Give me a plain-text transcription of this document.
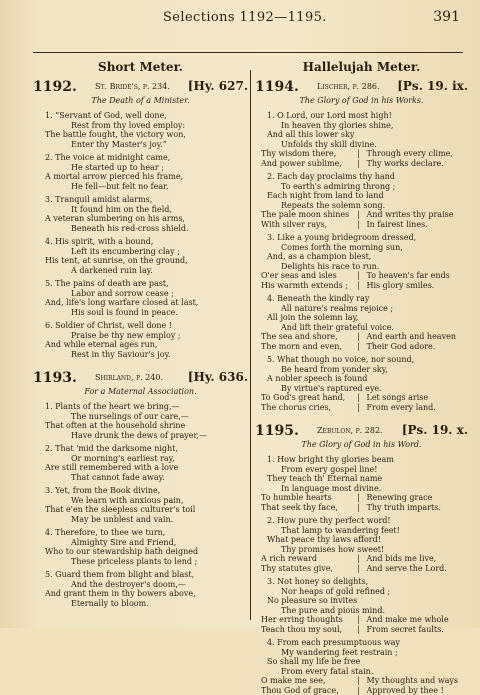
Selections 1192—1195.	391
Short Meter.
1192. St. Bride's, p. 234. [Hy. 627.
The Death of a Minister.
1. “Servant of God, well done,
Rest from thy loved employ:
The battle fought, the victory won,
Enter thy Master's joy.”
2. The voice at midnight came,
He started up to hear ;
A mortal arrow pierced his frame,
He fell—but felt no fear.
3. Tranquil amidst alarms,
It found him on the field,
A veteran slumbering on his arms,
Beneath his red-cross shield.
4. His spirit, with a bound,
Left its encumbering clay ;
His tent, at sunrise, on the ground,
A darkened ruin lay.
5. The pains of death are past,
Labor and sorrow cease ;
And, life's long warfare closed at last,
His soul is found in peace.
6. Soldier of Christ, well done !
Praise be thy new employ ;
And while eternal ages run,
Rest in thy Saviour's joy.
1193. Shirland, p. 240. [Hy. 636.
For a Maternal Association.
1. Plants of the heart we bring,—
The nurselings of our care,—
That often at the household shrine
Have drunk the dews of prayer,—
2. That 'mid the darksome night,
Or morning's earliest ray,
Are still remembered with a love
That cannot fade away.
3. Yet, from the Book divine,
We learn with anxious pain,
That e'en the sleepless culturer's toil
May be unblest and vain.
4. Therefore, to thee we turn,
Almighty Sire and Friend,
Who to our stewardship hath deigned
These priceless plants to lend ;
5. Guard them from blight and blast,
And the destroyer's doom,—
And grant them in thy bowers above,
Eternally to bloom.
Hallelujah Meter.
1194. Lischer, p. 286. [Ps. 19. ix.
The Glory of God in his Works.
1. O Lord, our Lord most high!
In heaven thy glories shine,
And all this lower sky
Unfolds thy skill divine.
Thy wisdom there,	| Through every clime,
And power sublime,	| Thy works declare.
2. Each day proclaims thy hand
To earth's admiring throng ;
Each night from land to land
Repeats the solemn song.
The pale moon shines	| And writes thy praise
With silver rays,	| In fairest lines.
3. Like a young bridegroom dressed,
Comes forth the morning sun,
And, as a champion blest,
Delights his race to run.
O'er seas and isles	| To heaven's far ends
His warmth extends ;	| His glory smiles.
4. Beneath the kindly ray
All nature's realms rejoice ;
All join the solemn lay,
And lift their grateful voice.
The sea and shore,	| And earth and heaven
The morn and even,	| Their God adore.
5. What though no voice, nor sound,
Be heard from yonder sky,
A nobler speech is found
By virtue's raptured eye.
To God's great hand,	| Let songs arise
The chorus cries,	| From every land.
1195. Zebulon, p. 282. [Ps. 19. x.
The Glory of God in his Word.
1. How bright thy glories beam
From every gospel line!
They teach th' Eternal name
In language most divine.
To humble hearts	| Renewing grace
That seek thy face,	| Thy truth imparts.
2. How pure thy perfect word!
That lamp to wandering feet!
What peace thy laws afford!
Thy promises how sweet!
A rich reward	| And bids me live,
Thy statutes give,	| And serve the Lord.
3. Not honey so delights,
Nor heaps of gold refined ;
No pleasure so invites
The pure and pious mind.
Her erring thoughts	| And make me whole
Teach thou my soul,	| From secret faults.
4. From each presumptuous way
My wandering feet restrain ;
So shall my life be free
From every fatal stain.
O make me see,	| My thoughts and ways
Thou God of grace,	| Approved by thee !
